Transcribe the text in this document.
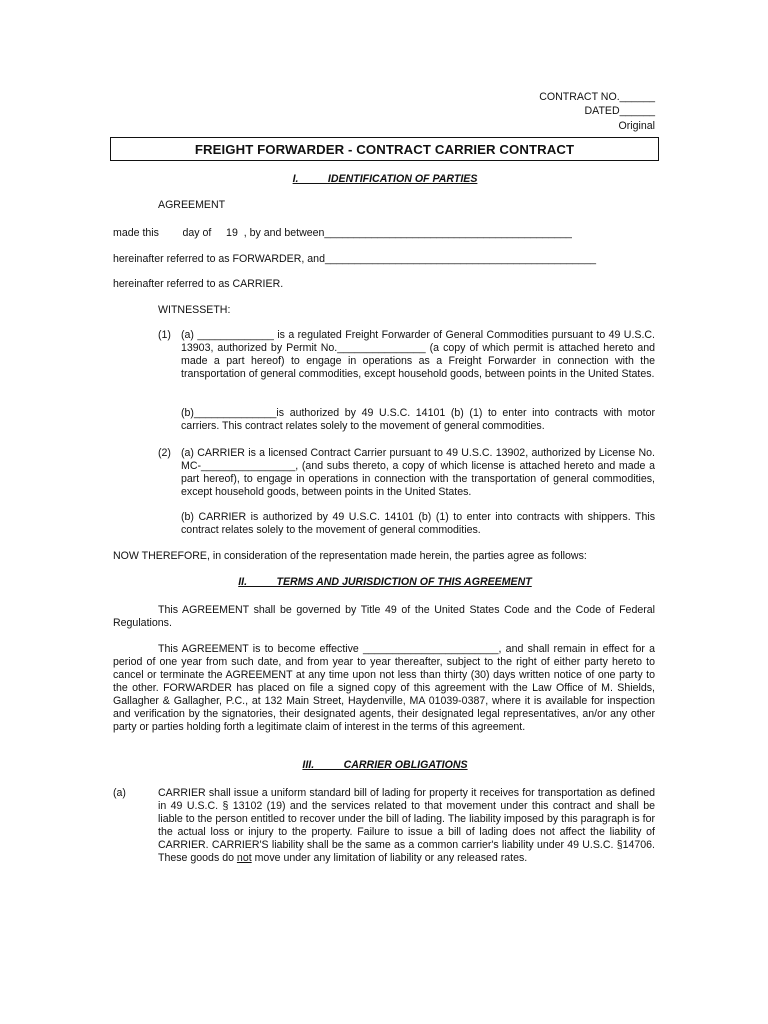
CONTRACT NO.______
DATED______
Original
FREIGHT FORWARDER - CONTRACT CARRIER CONTRACT
I.          IDENTIFICATION OF PARTIES
AGREEMENT
made this        day of     19  , by and between__________________________________________
hereinafter referred to as FORWARDER, and______________________________________________
hereinafter referred to as CARRIER.
WITNESSETH:
(1) (a) _____________ is a regulated Freight Forwarder of General Commodities pursuant to 49 U.S.C. 13903, authorized by Permit No._______________ (a copy of which permit is attached hereto and made a part hereof) to engage in operations as a Freight Forwarder in connection with the transportation of general commodities, except household goods, between points in the United States.

(b)______________is authorized by 49 U.S.C. 14101 (b) (1) to enter into contracts with motor carriers. This contract relates solely to the movement of general commodities.

(2) (a) CARRIER is a licensed Contract Carrier pursuant to 49 U.S.C. 13902, authorized by License No. MC-________________, (and subs thereto, a copy of which license is attached hereto and made a part hereof), to engage in operations in connection with the transportation of general commodities, except household goods, between points in the United States.

(b) CARRIER is authorized by 49 U.S.C. 14101 (b) (1) to enter into contracts with shippers. This contract relates solely to the movement of general commodities.

NOW THEREFORE, in consideration of the representation made herein, the parties agree as follows:
II.          TERMS AND JURISDICTION OF THIS AGREEMENT

This AGREEMENT shall be governed by Title 49 of the United States Code and the Code of Federal Regulations.

This AGREEMENT is to become effective _______________________, and shall remain in effect for a period of one year from such date, and from year to year thereafter, subject to the right of either party hereto to cancel or terminate the AGREEMENT at any time upon not less than thirty (30) days written notice of one party to the other. FORWARDER has placed on file a signed copy of this agreement with the Law Office of M. Shields, Gallagher & Gallagher, P.C., at 132 Main Street, Haydenville, MA 01039-0387, where it is available for inspection and verification by the signatories, their designated agents, their designated legal representatives, an/or any other party or parties holding forth a legitimate claim of interest in the terms of this agreement.

III.          CARRIER OBLIGATIONS
(a)	CARRIER shall issue a uniform standard bill of lading for property it receives for transportation as defined in 49 U.S.C. § 13102 (19) and the services related to that movement under this contract and shall be liable to the person entitled to recover under the bill of lading. The liability imposed by this paragraph is for the actual loss or injury to the property. Failure to issue a bill of lading does not affect the liability of CARRIER. CARRIER'S liability shall be the same as a common carrier's liability under 49 U.S.C. §14706. These goods do not move under any limitation of liability or any released rates.
